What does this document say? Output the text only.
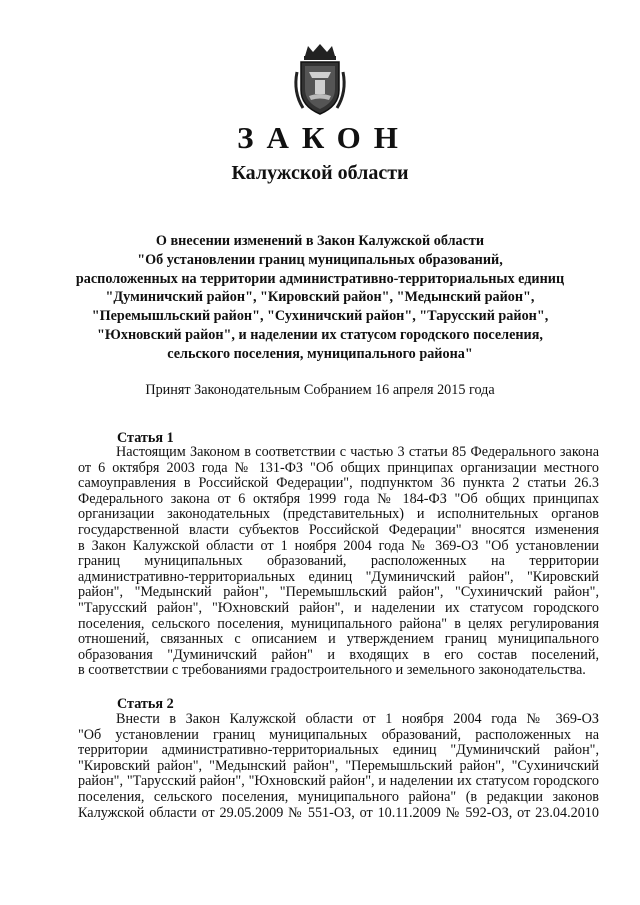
ЗАКОН
Калужской области
О внесении изменений в Закон Калужской области
"Об установлении границ муниципальных образований,
расположенных на территории административно-территориальных единиц
"Думиничский район", "Кировский район", "Медынский район",
"Перемышльский район", "Сухиничский район", "Тарусский район",
"Юхновский район", и наделении их статусом городского поселения,
сельского поселения, муниципального района"
Принят Законодательным Собранием 16 апреля 2015 года
Статья 1
Настоящим Законом в соответствии с частью 3 статьи 85 Федерального закона
от 6 октября 2003 года № 131-ФЗ "Об общих принципах организации местного
самоуправления в Российской Федерации", подпунктом 36 пункта 2 статьи 26.3
Федерального закона от 6 октября 1999 года № 184-ФЗ "Об общих принципах
организации законодательных (представительных) и исполнительных органов
государственной власти субъектов Российской Федерации" вносятся изменения
в Закон Калужской области от 1 ноября 2004 года № 369-ОЗ "Об установлении
границ муниципальных образований, расположенных на территории
административно-территориальных единиц "Думиничский район", "Кировский
район", "Медынский район", "Перемышльский район", "Сухиничский район",
"Тарусский район", "Юхновский район", и наделении их статусом городского
поселения, сельского поселения, муниципального района" в целях регулирования
отношений, связанных с описанием и утверждением границ муниципального
образования "Думиничский район" и входящих в его состав поселений,
в соответствии с требованиями градостроительного и земельного законодательства.
Статья 2
Внести в Закон Калужской области от 1 ноября 2004 года № 369-ОЗ
"Об установлении границ муниципальных образований, расположенных на
территории административно-территориальных единиц "Думиничский район",
"Кировский район", "Медынский район", "Перемышльский район", "Сухиничский
район", "Тарусский район", "Юхновский район", и наделении их статусом городского
поселения, сельского поселения, муниципального района" (в редакции законов
Калужской области от 29.05.2009 № 551-ОЗ, от 10.11.2009 № 592-ОЗ, от 23.04.2010
